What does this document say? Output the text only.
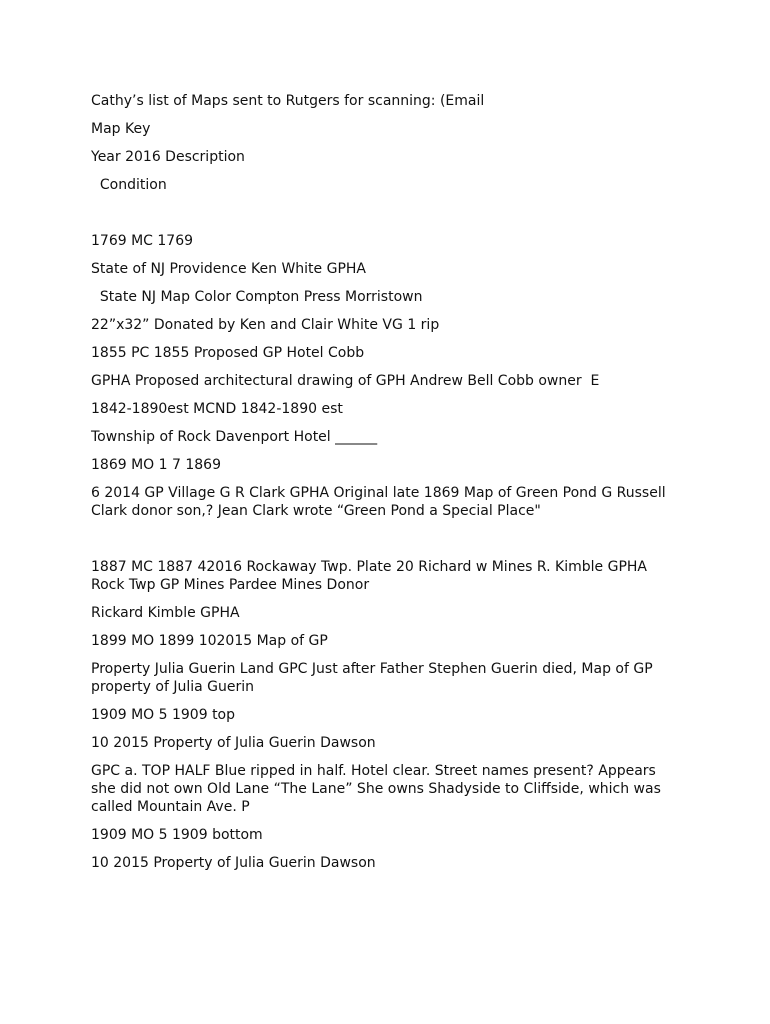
Cathy’s list of Maps sent to Rutgers for scanning: (Email

Map Key

Year 2016 Description

Condition

1769 MC 1769

State of NJ Providence Ken White GPHA

State NJ Map Color Compton Press Morristown

22”x32” Donated by Ken and Clair White VG 1 rip

1855 PC 1855 Proposed GP Hotel Cobb

GPHA Proposed architectural drawing of GPH Andrew Bell Cobb owner  E

1842-1890est MCND 1842-1890 est

Township of Rock Davenport Hotel ______

1869 MO 1 7 1869

6 2014 GP Village G R Clark GPHA Original late 1869 Map of Green Pond G Russell Clark donor son,? Jean Clark wrote “Green Pond a Special Place"

1887 MC 1887 42016 Rockaway Twp. Plate 20 Richard w Mines R. Kimble GPHA Rock Twp GP Mines Pardee Mines Donor

Rickard Kimble GPHA

1899 MO 1899 102015 Map of GP

Property Julia Guerin Land GPC Just after Father Stephen Guerin died, Map of GP property of Julia Guerin

1909 MO 5 1909 top

10 2015 Property of Julia Guerin Dawson

GPC a. TOP HALF Blue ripped in half. Hotel clear. Street names present? Appears she did not own Old Lane “The Lane” She owns Shadyside to Cliffside, which was called Mountain Ave. P

1909 MO 5 1909 bottom

10 2015 Property of Julia Guerin Dawson
